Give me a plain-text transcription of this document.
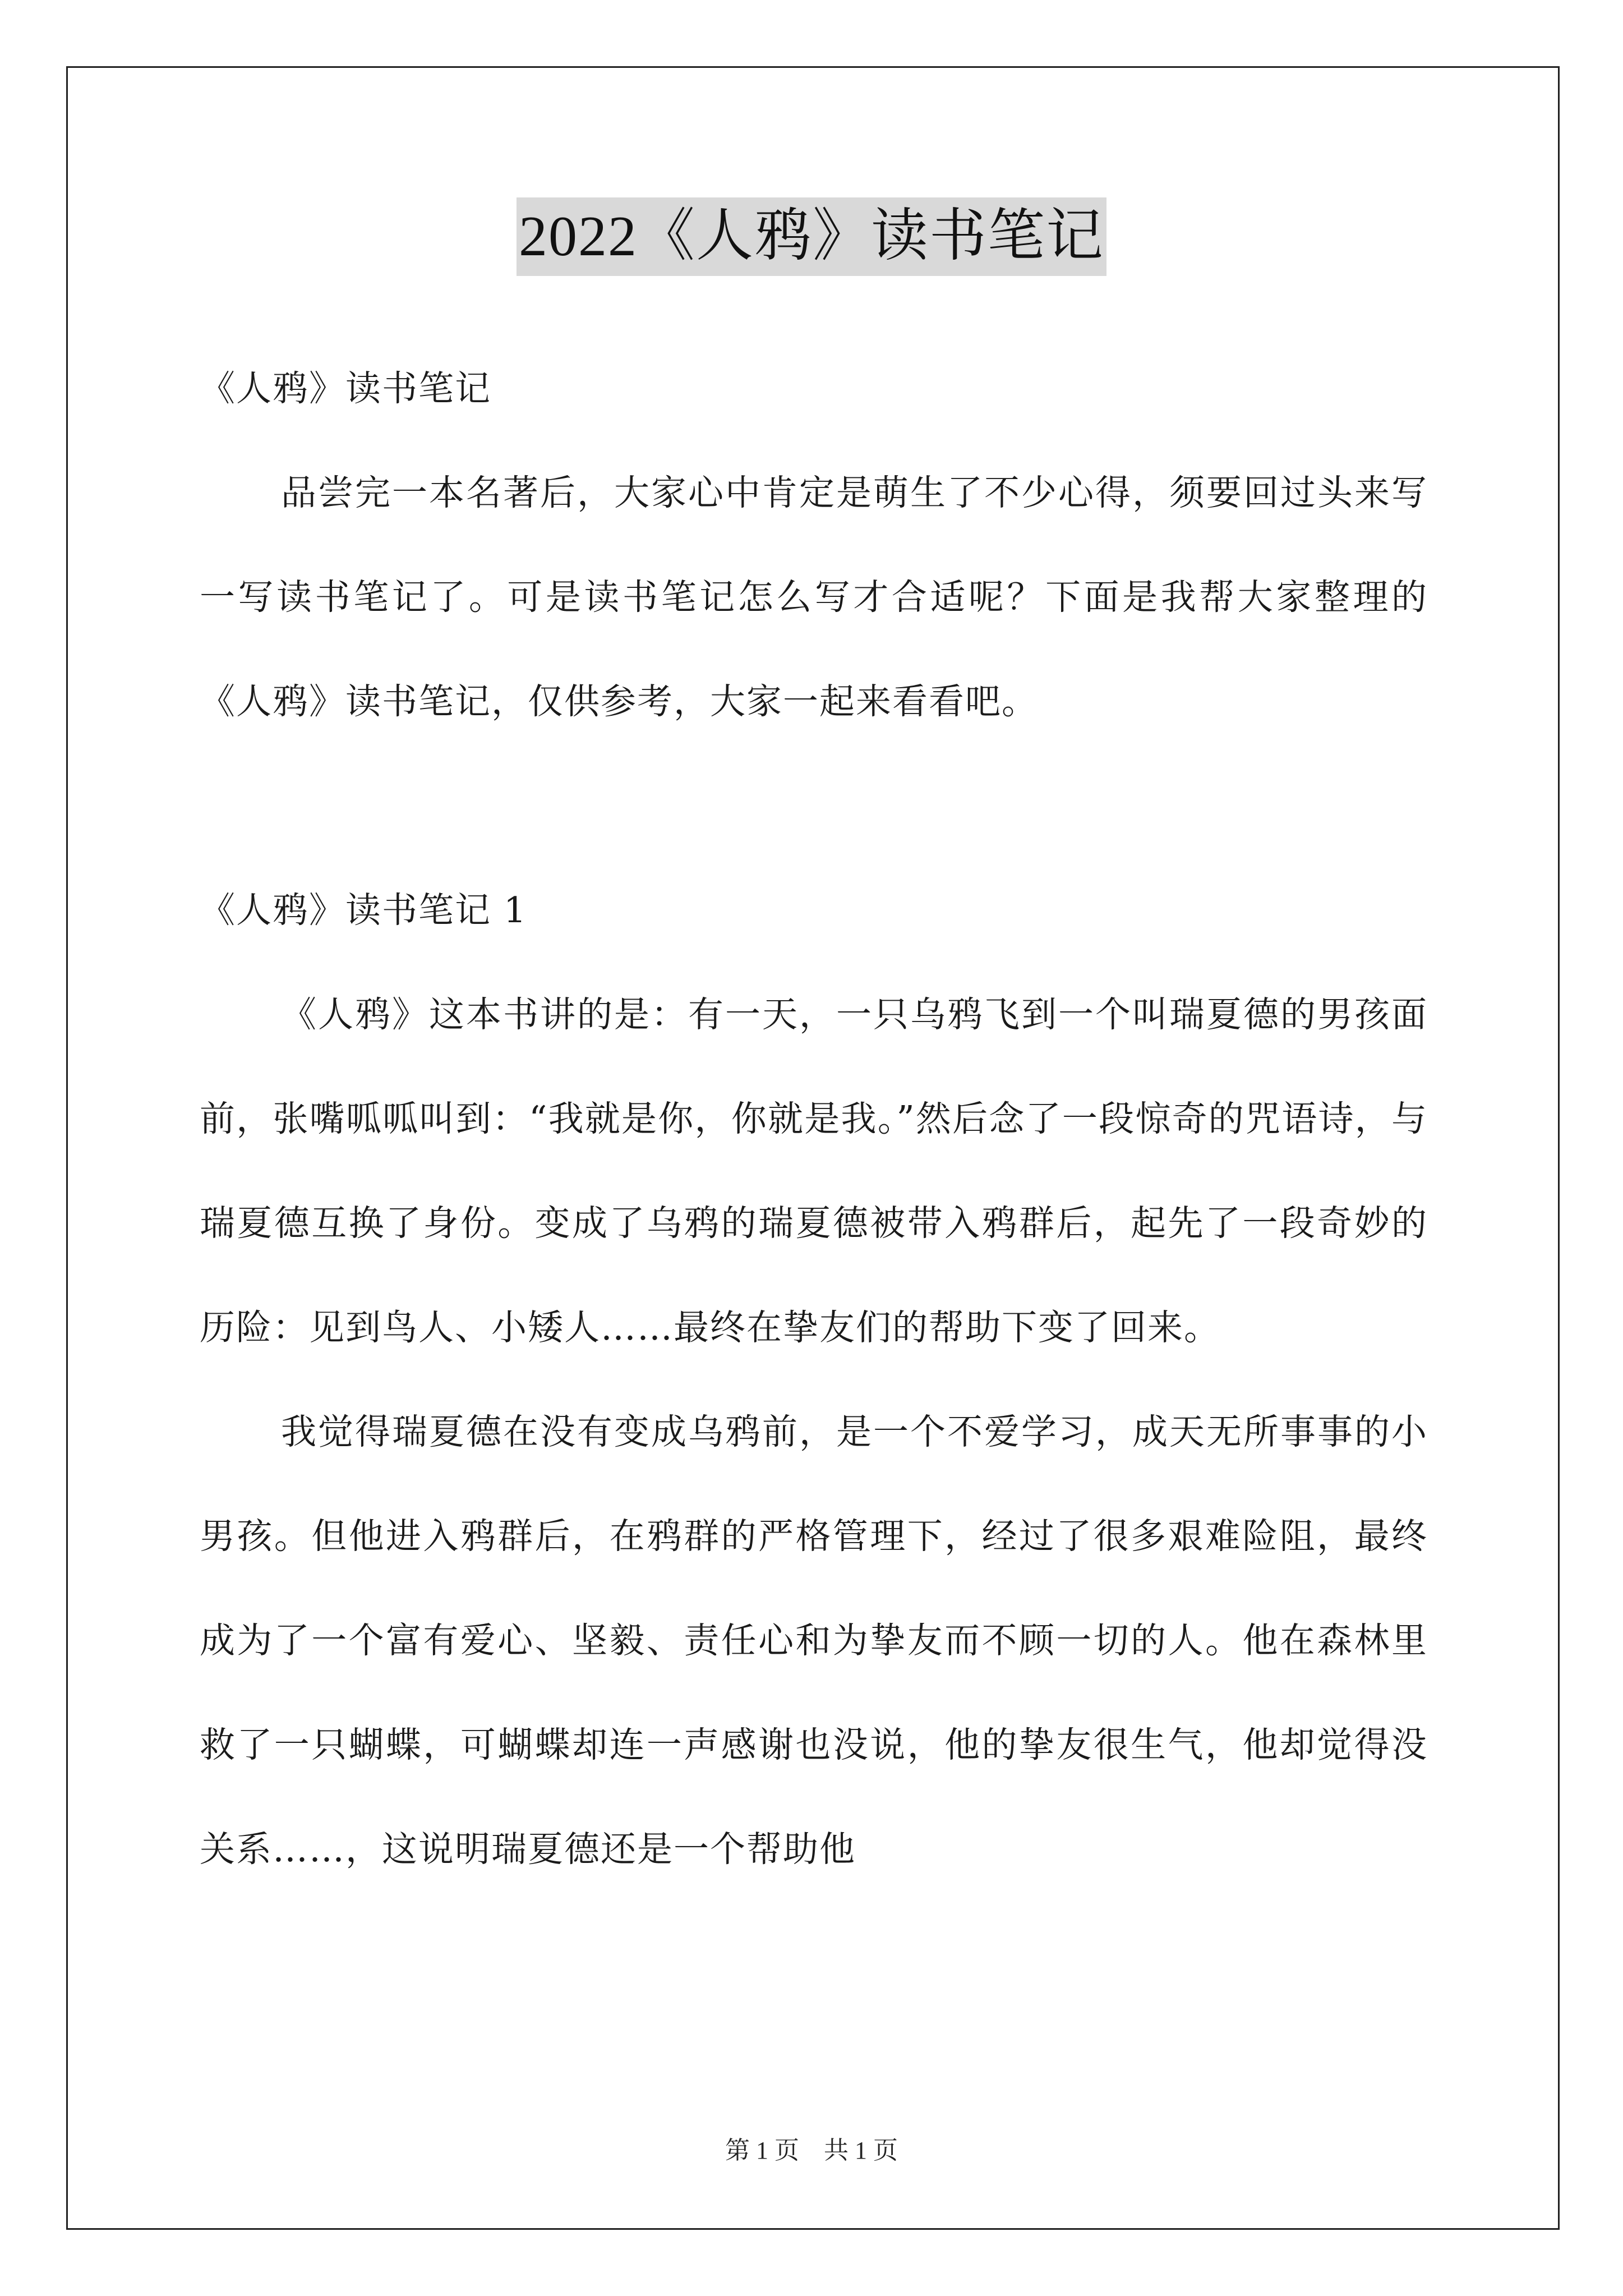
2022《人鸦》读书笔记

《人鸦》读书笔记

品尝完一本名著后，大家心中肯定是萌生了不少心得，须要回过头来写一写读书笔记了。可是读书笔记怎么写才合适呢？下面是我帮大家整理的《人鸦》读书笔记，仅供参考，大家一起来看看吧。

《人鸦》读书笔记 1

《人鸦》这本书讲的是：有一天，一只乌鸦飞到一个叫瑞夏德的男孩面前，张嘴呱呱叫到：“我就是你，你就是我。”然后念了一段惊奇的咒语诗，与瑞夏德互换了身份。变成了乌鸦的瑞夏德被带入鸦群后，起先了一段奇妙的历险：见到鸟人、小矮人……最终在挚友们的帮助下变了回来。

我觉得瑞夏德在没有变成乌鸦前，是一个不爱学习，成天无所事事的小男孩。但他进入鸦群后，在鸦群的严格管理下，经过了很多艰难险阻，最终成为了一个富有爱心、坚毅、责任心和为挚友而不顾一切的人。他在森林里救了一只蝴蝶，可蝴蝶却连一声感谢也没说，他的挚友很生气，他却觉得没关系……，这说明瑞夏德还是一个帮助他

第 1 页　共 1 页
